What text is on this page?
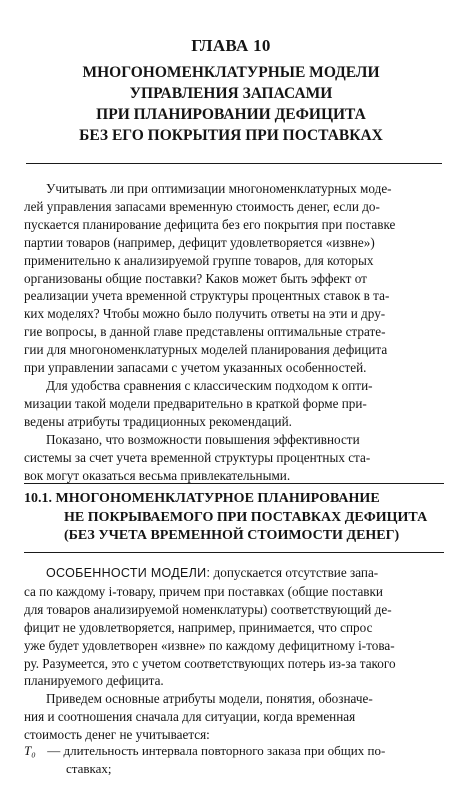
ГЛАВА 10
МНОГОНОМЕНКЛАТУРНЫЕ МОДЕЛИ
УПРАВЛЕНИЯ ЗАПАСАМИ
ПРИ ПЛАНИРОВАНИИ ДЕФИЦИТА
БЕЗ ЕГО ПОКРЫТИЯ ПРИ ПОСТАВКАХ
Учитывать ли при оптимизации многономенклатурных моде-
лей управления запасами временную стоимость денег, если до-
пускается планирование дефицита без его покрытия при поставке
партии товаров (например, дефицит удовлетворяется «извне»)
применительно к анализируемой группе товаров, для которых
организованы общие поставки? Каков может быть эффект от
реализации учета временной структуры процентных ставок в та-
ких моделях? Чтобы можно было получить ответы на эти и дру-
гие вопросы, в данной главе представлены оптимальные страте-
гии для многономенклатурных моделей планирования дефицита
при управлении запасами с учетом указанных особенностей.
Для удобства сравнения с классическим подходом к опти-
мизации такой модели предварительно в краткой форме при-
ведены атрибуты традиционных рекомендаций.
Показано, что возможности повышения эффективности
системы за счет учета временной структуры процентных ста-
вок могут оказаться весьма привлекательными.
10.1. МНОГОНОМЕНКЛАТУРНОЕ ПЛАНИРОВАНИЕ
НЕ ПОКРЫВАЕМОГО ПРИ ПОСТАВКАХ ДЕФИЦИТА
(БЕЗ УЧЕТА ВРЕМЕННОЙ СТОИМОСТИ ДЕНЕГ)
ОСОБЕННОСТИ МОДЕЛИ: допускается отсутствие запа-
са по каждому i-товару, причем при поставках (общие поставки
для товаров анализируемой номенклатуры) соответствующий де-
фицит не удовлетворяется, например, принимается, что спрос
уже будет удовлетворен «извне» по каждому дефицитному i-това-
ру. Разумеется, это с учетом соответствующих потерь из-за такого
планируемого дефицита.
Приведем основные атрибуты модели, понятия, обозначе-
ния и соотношения сначала для ситуации, когда временная
стоимость денег не учитывается:
T₀ — длительность интервала повторного заказа при общих по-
ставках;
